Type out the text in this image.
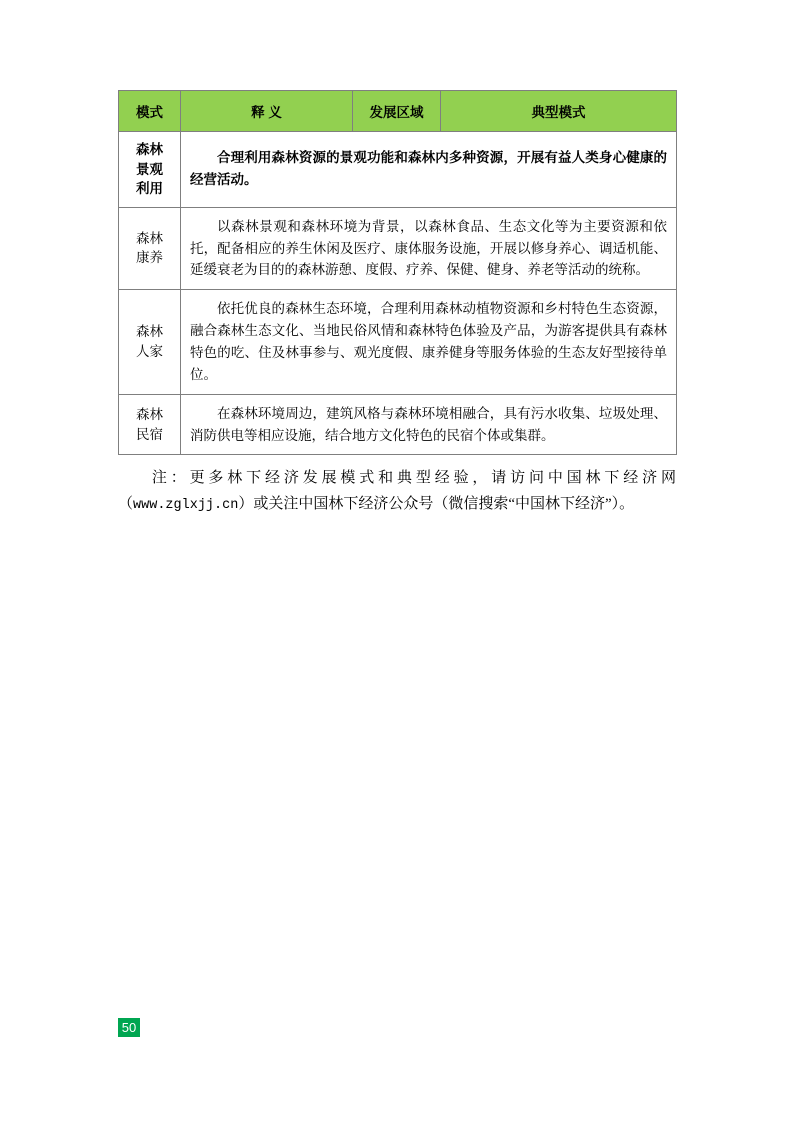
模式	释 义	发展区域	典型模式

森林
景观
利用	合理利用森林资源的景观功能和森林内多种资源，开展有益人类身心健康的经营活动。		

森林
康养	以森林景观和森林环境为背景，以森林食品、生态文化等为主要资源和依托，配备相应的养生休闲及医疗、康体服务设施，开展以修身养心、调适机能、延缓衰老为目的的森林游憩、度假、疗养、保健、健身、养老等活动的统称。		

森林
人家	依托优良的森林生态环境，合理利用森林动植物资源和乡村特色生态资源，融合森林生态文化、当地民俗风情和森林特色体验及产品，为游客提供具有森林特色的吃、住及林事参与、观光度假、康养健身等服务体验的生态友好型接待单位。		

森林
民宿	在森林环境周边，建筑风格与森林环境相融合，具有污水收集、垃圾处理、消防供电等相应设施，结合地方文化特色的民宿个体或集群。		
  注：更多林下经济发展模式和典型经验，请访问中国林下经济网（www.zglxjj.cn）或关注中国林下经济公众号（微信搜索“中国林下经济”）。
50
